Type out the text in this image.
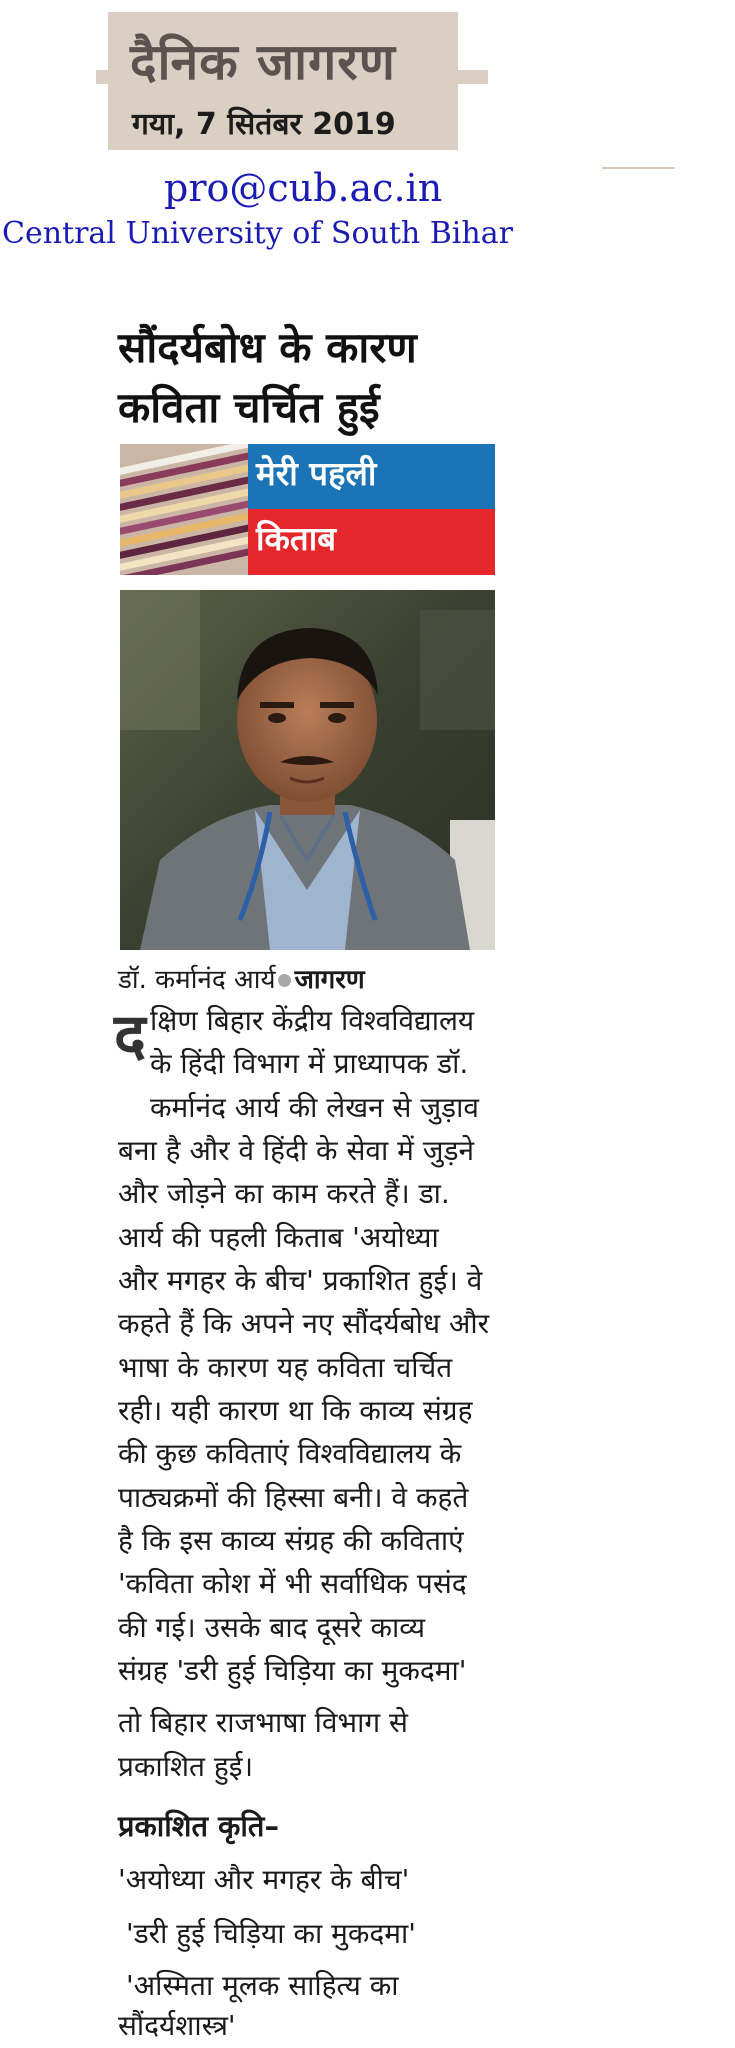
दैनिक जागरण
गया, 7 सितंबर 2019
pro@cub.ac.in
Central University of South Bihar
सौंदर्यबोध के कारण
कविता चर्चित हुई
मेरी पहली
किताब
डॉ. कर्मानंद आर्य जागरण
द क्षिण बिहार केंद्रीय विश्वविद्यालय
के हिंदी विभाग में प्राध्यापक डॉ.
कर्मानंद आर्य की लेखन से जुड़ाव
बना है और वे हिंदी के सेवा में जुड़ने
और जोड़ने का काम करते हैं। डा.
आर्य की पहली किताब 'अयोध्या
और मगहर के बीच' प्रकाशित हुई। वे
कहते हैं कि अपने नए सौंदर्यबोध और
भाषा के कारण यह कविता चर्चित
रही। यही कारण था कि काव्य संग्रह
की कुछ कविताएं विश्वविद्यालय के
पाठ्यक्रमों की हिस्सा बनी। वे कहते
है कि इस काव्य संग्रह की कविताएं
'कविता कोश में भी सर्वाधिक पसंद
की गई। उसके बाद दूसरे काव्य
संग्रह 'डरी हुई चिड़िया का मुकदमा'
तो बिहार राजभाषा विभाग से
प्रकाशित हुई।
प्रकाशित कृति–
'अयोध्या और मगहर के बीच'
'डरी हुई चिड़िया का मुकदमा'
'अस्मिता मूलक साहित्य का
सौंदर्यशास्त्र'
